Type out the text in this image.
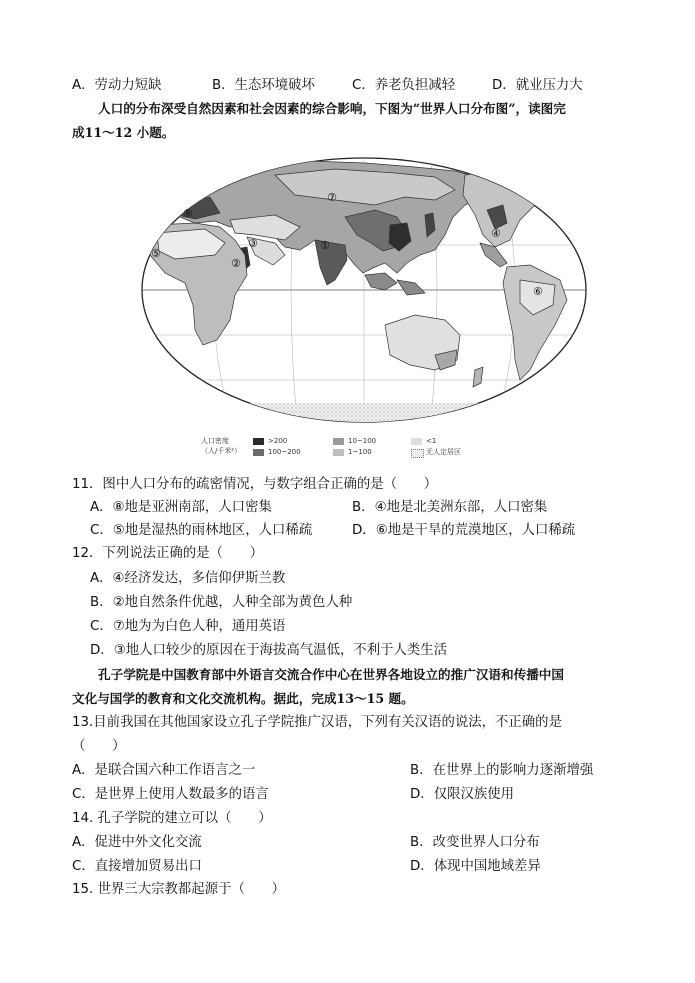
A．劳动力短缺	B．生态环境破坏	C．养老负担减轻	D．就业压力大
人口的分布深受自然因素和社会因素的综合影响，下图为“世界人口分布图”，读图完
成11～12 小题。
①
②
③
④
⑤
⑥
⑦
⑧
人口密度
（人/千米²）
>200
100~200
10~100
1~100
<1
无人定居区
11．图中人口分布的疏密情况，与数字组合正确的是（　　）
A．⑧地是亚洲南部，人口密集	B．④地是北美洲东部，人口密集
C．⑤地是湿热的雨林地区，人口稀疏	D．⑥地是干旱的荒漠地区，人口稀疏
12．下列说法正确的是（　　）
A．④经济发达，多信仰伊斯兰教
B．②地自然条件优越，人种全部为黄色人种
C．⑦地为为白色人种，通用英语
D．③地人口较少的原因在于海拔高气温低，不利于人类生活
孔子学院是中国教育部中外语言交流合作中心在世界各地设立的推广汉语和传播中国
文化与国学的教育和文化交流机构。据此，完成13～15 题。
13.目前我国在其他国家设立孔子学院推广汉语，下列有关汉语的说法，不正确的是
（　　）
A．是联合国六种工作语言之一	B．在世界上的影响力逐渐增强
C．是世界上使用人数最多的语言	D．仅限汉族使用
14. 孔子学院的建立可以（　　）
A．促进中外文化交流	B．改变世界人口分布
C．直接增加贸易出口	D．体现中国地域差异
15. 世界三大宗教都起源于（　　）
